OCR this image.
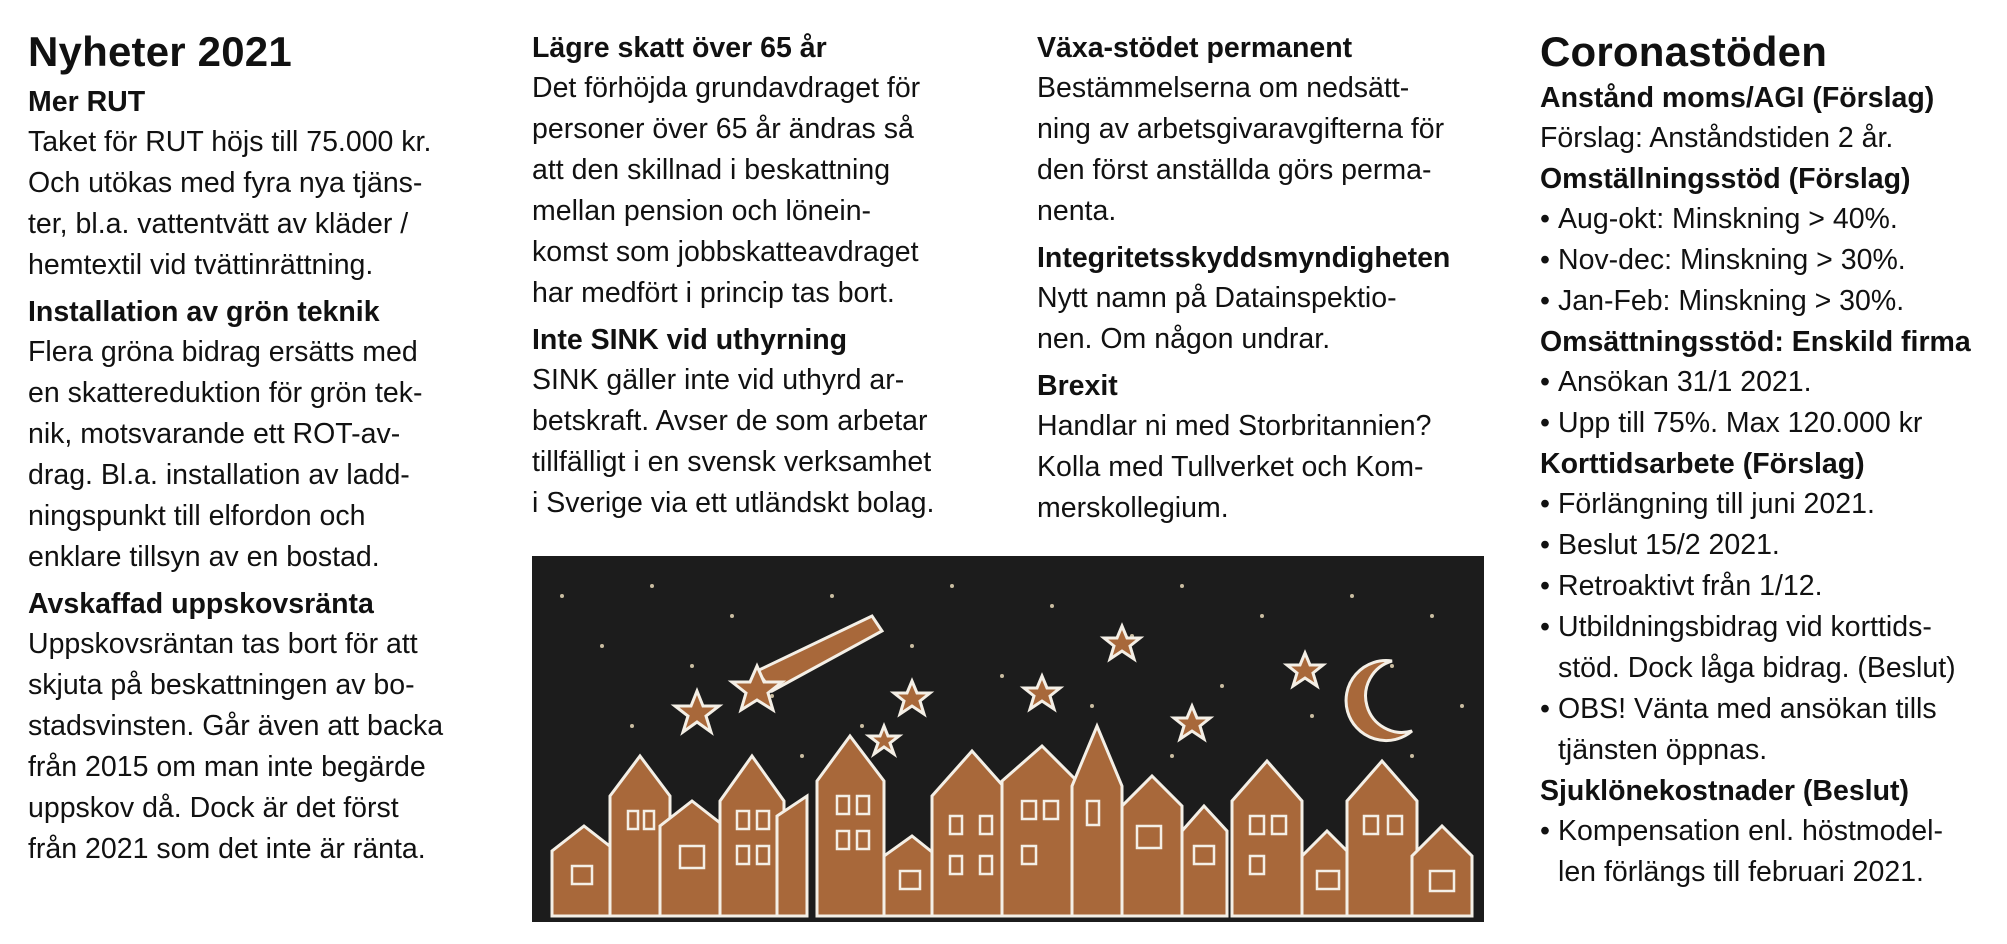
Nyheter 2021
Mer RUT

Taket för RUT höjs till 75.000 kr.
Och utökas med fyra nya tjäns-
ter, bl.a. vattentvätt av kläder /
hemtextil vid tvättinrättning.

Installation av grön teknik

Flera gröna bidrag ersätts med
en skattereduktion för grön tek-
nik, motsvarande ett ROT-av-
drag. Bl.a. installation av ladd-
ningspunkt till elfordon och
enklare tillsyn av en bostad.

Avskaffad uppskovsränta

Uppskovsräntan tas bort för att
skjuta på beskattningen av bo-
stadsvinsten. Går även att backa
från 2015 om man inte begärde
uppskov då. Dock är det först
från 2021 som det inte är ränta.

Lägre skatt över 65 år

Det förhöjda grundavdraget för
personer över 65 år ändras så
att den skillnad i beskattning
mellan pension och lönein-
komst som jobbskatteavdraget
har medfört i princip tas bort.

Inte SINK vid uthyrning

SINK gäller inte vid uthyrd ar-
betskraft. Avser de som arbetar
tillfälligt i en svensk verksamhet
i Sverige via ett utländskt bolag.

Växa-stödet permanent

Bestämmelserna om nedsätt-
ning av arbetsgivaravgifterna för
den först anställda görs perma-
nenta.

Integritetsskyddsmyndigheten

Nytt namn på Datainspektio-
nen. Om någon undrar.

Brexit

Handlar ni med Storbritannien?
Kolla med Tullverket och Kom-
merskollegium.

Coronastöden
Anstånd moms/AGI (Förslag)

Förslag: Anståndstiden 2 år.

Omställningsstöd (Förslag)
• Aug-okt: Minskning > 40%.
• Nov-dec: Minskning > 30%.
• Jan-Feb: Minskning > 30%.
Omsättningsstöd: Enskild firma
• Ansökan 31/1 2021.
• Upp till 75%. Max 120.000 kr
Korttidsarbete (Förslag)
• Förlängning till juni 2021.
• Beslut 15/2 2021.
• Retroaktivt från 1/12.
• Utbildningsbidrag vid korttids-
stöd. Dock låga bidrag. (Beslut)
• OBS! Vänta med ansökan tills
tjänsten öppnas.
Sjuklönekostnader (Beslut)
• Kompensation enl. höstmodel-
len förlängs till februari 2021.
